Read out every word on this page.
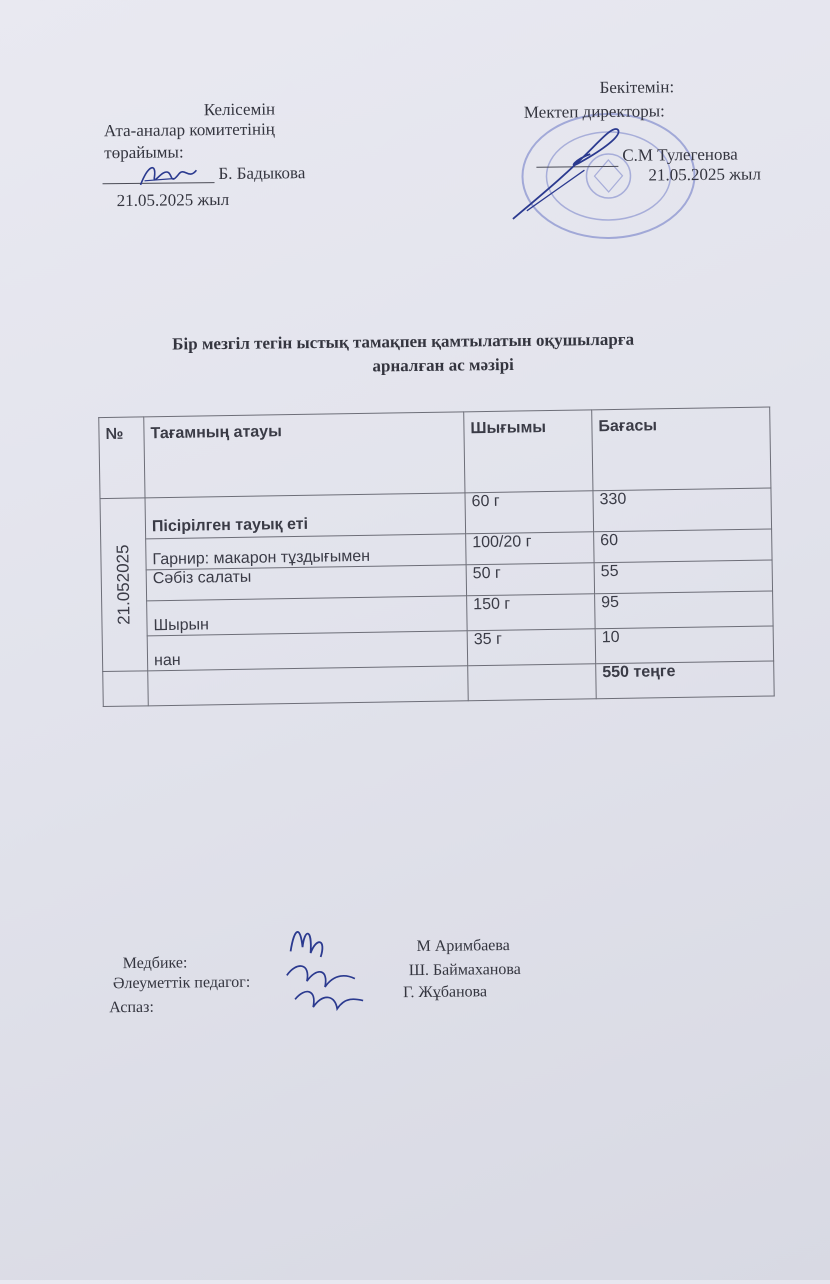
Келісемін
Ата-аналар комитетінің
төрайымы:
Б. Бадыкова
21.05.2025 жыл
Бекітемін:
Мектеп директоры:
С.М Тулегенова
21.05.2025 жыл
Бір мезгіл тегін ыстық тамақпен қамтылатын оқушыларға
арналған ас мәзірі
№	Тағамның атауы	Шығымы	Бағасы

21.052025	Пісірілген тауық еті	60 г	330
	Гарнир: макарон тұздығымен	100/20 г	60
	Сәбіз салаты	50 г	55
	Шырын	150 г	95
	нан	35 г	10
			550 теңге
Медбике:
Әлеуметтік педагог:
Аспаз:
М Аримбаева
Ш. Баймаханова
Г. Жұбанова
